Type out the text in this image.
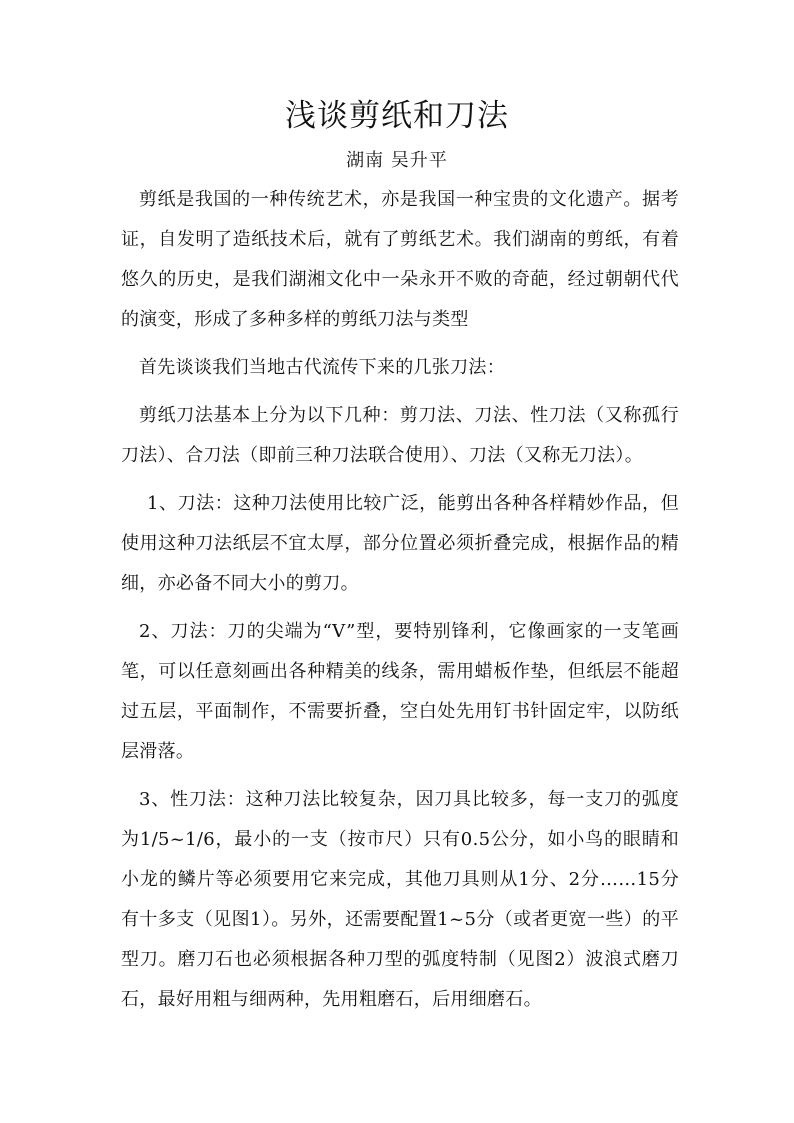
浅谈剪纸和刀法

湖南 吴升平

剪纸是我国的一种传统艺术，亦是我国一种宝贵的文化遗产。据考证，自发明了造纸技术后，就有了剪纸艺术。我们湖南的剪纸，有着悠久的历史，是我们湖湘文化中一朵永开不败的奇葩，经过朝朝代代的演变，形成了多种多样的剪纸刀法与类型

首先谈谈我们当地古代流传下来的几张刀法：

剪纸刀法基本上分为以下几种：剪刀法、刀法、性刀法（又称孤行刀法）、合刀法（即前三种刀法联合使用）、刀法（又称无刀法）。

1、刀法：这种刀法使用比较广泛，能剪出各种各样精妙作品，但使用这种刀法纸层不宜太厚，部分位置必须折叠完成，根据作品的精细，亦必备不同大小的剪刀。

2、刀法：刀的尖端为“V”型，要特别锋利，它像画家的一支笔画笔，可以任意刻画出各种精美的线条，需用蜡板作垫，但纸层不能超过五层，平面制作，不需要折叠，空白处先用钉书针固定牢，以防纸层滑落。

3、性刀法：这种刀法比较复杂，因刀具比较多，每一支刀的弧度为1/5~1/6，最小的一支（按市尺）只有0.5公分，如小鸟的眼睛和小龙的鳞片等必须要用它来完成，其他刀具则从1分、2分……15分有十多支（见图1）。另外，还需要配置1~5分（或者更宽一些）的平型刀。磨刀石也必须根据各种刀型的弧度特制（见图2）波浪式磨刀石，最好用粗与细两种，先用粗磨石，后用细磨石。
